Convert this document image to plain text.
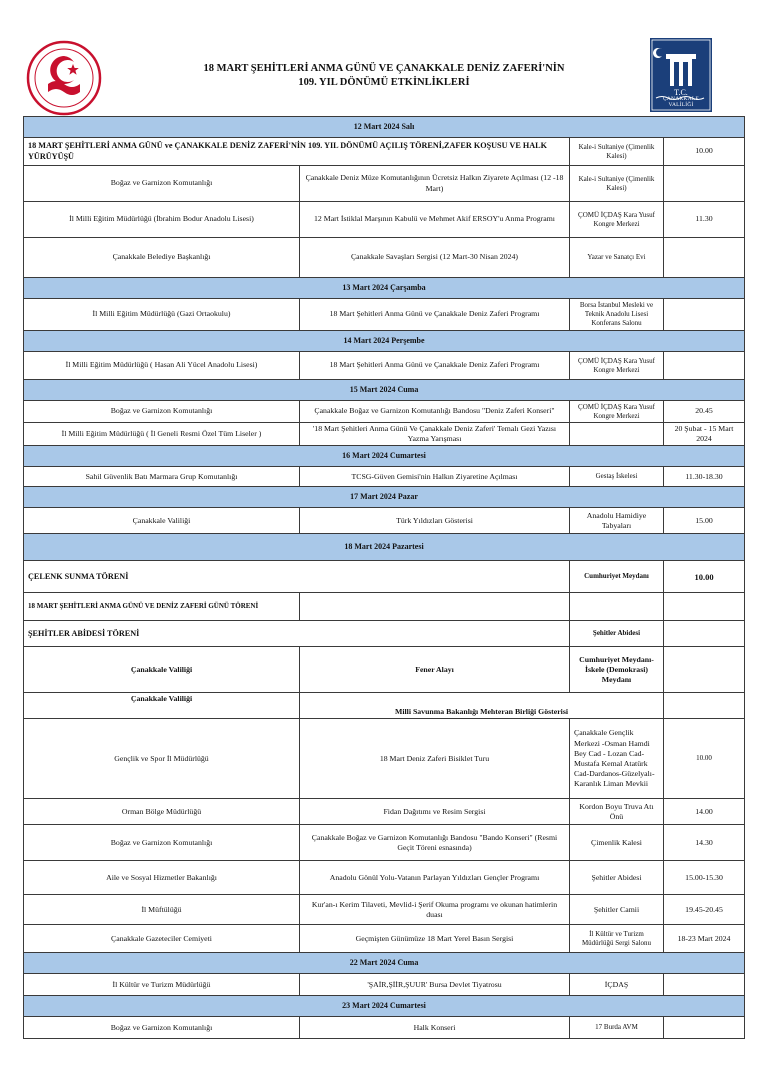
T.C.
ÇANAKKALE VALİLİĞİ
18 MART ŞEHİTLERİ ANMA GÜNÜ VE ÇANAKKALE DENİZ ZAFERİ'NİN
109. YIL DÖNÜMÜ ETKİNLİKLERİ
12 Mart 2024 Salı			
18 MART ŞEHİTLERİ ANMA GÜNÜ ve ÇANAKKALE DENİZ ZAFERİ'NİN 109. YIL DÖNÜMÜ AÇILIŞ TÖRENİ,ZAFER KOŞUSU VE HALK YÜRÜYÜŞÜ		Kale-i Sultaniye (Çimenlik Kalesi)	10.00
Boğaz ve Garnizon Komutanlığı	Çanakkale Deniz Müze Komutanlığının Ücretsiz Halkın Ziyarete Açılması (12 -18 Mart)	Kale-i Sultaniye (Çimenlik Kalesi)	
İl Milli Eğitim Müdürlüğü (İbrahim Bodur Anadolu Lisesi)	12 Mart İstiklal Marşının Kabulü ve Mehmet Akif ERSOY'u Anma Programı	ÇOMÜ İÇDAŞ Kara Yusuf Kongre Merkezi	11.30
Çanakkale Belediye Başkanlığı	Çanakkale Savaşları Sergisi (12 Mart-30 Nisan 2024)	Yazar ve Sanatçı Evi	
13 Mart 2024 Çarşamba			
İl Milli Eğitim Müdürlüğü (Gazi Ortaokulu)	18 Mart Şehitleri Anma Günü ve Çanakkale Deniz Zaferi Programı	Borsa İstanbul Mesleki ve Teknik Anadolu Lisesi Konferans Salonu	
14 Mart 2024 Perşembe			
İl Milli Eğitim Müdürlüğü ( Hasan Ali Yücel Anadolu Lisesi)	18 Mart Şehitleri Anma Günü ve Çanakkale Deniz Zaferi Programı	ÇOMÜ İÇDAŞ Kara Yusuf Kongre Merkezi	
15 Mart 2024 Cuma			
Boğaz ve Garnizon Komutanlığı	Çanakkale Boğaz ve Garnizon Komutanlığı Bandosu "Deniz Zaferi Konseri"	ÇOMÜ İÇDAŞ Kara Yusuf Kongre Merkezi	20.45
İl Milli Eğitim Müdürlüğü ( İl Geneli Resmi Özel Tüm Liseler )	'18 Mart Şehitleri Anma Günü Ve Çanakkale Deniz Zaferi' Temalı Gezi Yazısı Yazma Yarışması		20 Şubat - 15 Mart 2024
16 Mart 2024 Cumartesi			
Sahil Güvenlik Batı Marmara Grup Komutanlığı	TCSG-Güven Gemisi'nin Halkın Ziyaretine Açılması	Gestaş İskelesi	11.30-18.30
17 Mart 2024 Pazar			
Çanakkale Valiliği	Türk Yıldızları Gösterisi	Anadolu Hamidiye Tabyaları	15.00
18 Mart 2024 Pazartesi			
ÇELENK SUNMA TÖRENİ		Cumhuriyet Meydanı	10.00
18 MART ŞEHİTLERİ ANMA GÜNÜ VE DENİZ ZAFERİ GÜNÜ TÖRENİ			
ŞEHİTLER ABİDESİ TÖRENİ		Şehitler Abidesi	
Çanakkale Valiliği	Fener Alayı	Cumhuriyet Meydanı-İskele (Demokrasi) Meydanı	
Çanakkale Valiliği	Milli Savunma Bakanlığı Mehteran Birliği Gösterisi		
Gençlik ve Spor İl Müdürlüğü	18 Mart Deniz Zaferi Bisiklet Turu	Çanakkale Gençlik Merkezi -Osman Hamdi Bey Cad - Lozan Cad-Mustafa Kemal Atatürk Cad-Dardanos-Güzelyalı-Karanlık Liman Mevkii	10.00
Orman Bölge Müdürlüğü	Fidan Dağıtımı ve Resim Sergisi	Kordon Boyu Truva Atı Önü	14.00
Boğaz ve Garnizon Komutanlığı	Çanakkale Boğaz ve Garnizon Komutanlığı Bandosu "Bando Konseri" (Resmi Geçit Töreni esnasında)	Çimenlik Kalesi	14.30
Aile ve Sosyal Hizmetler Bakanlığı	Anadolu Gönül Yolu-Vatanın Parlayan Yıldızları Gençler Programı	Şehitler Abidesi	15.00-15.30
İl Müftülüğü	Kur'an-ı Kerim Tilaveti, Mevlid-i Şerif Okuma programı ve okunan hatimlerin duası	Şehitler Camii	19.45-20.45
Çanakkale Gazeteciler Cemiyeti	Geçmişten Günümüze 18 Mart Yerel Basın Sergisi	İl Kültür ve Turizm Müdürlüğü Sergi Salonu	18-23 Mart 2024
22 Mart 2024 Cuma			
İl Kültür ve Turizm Müdürlüğü	'ŞAİR,ŞİİR,ŞUUR' Bursa Devlet Tiyatrosu	İÇDAŞ	
23 Mart 2024 Cumartesi			
Boğaz ve Garnizon Komutanlığı	Halk Konseri	17 Burda AVM	
